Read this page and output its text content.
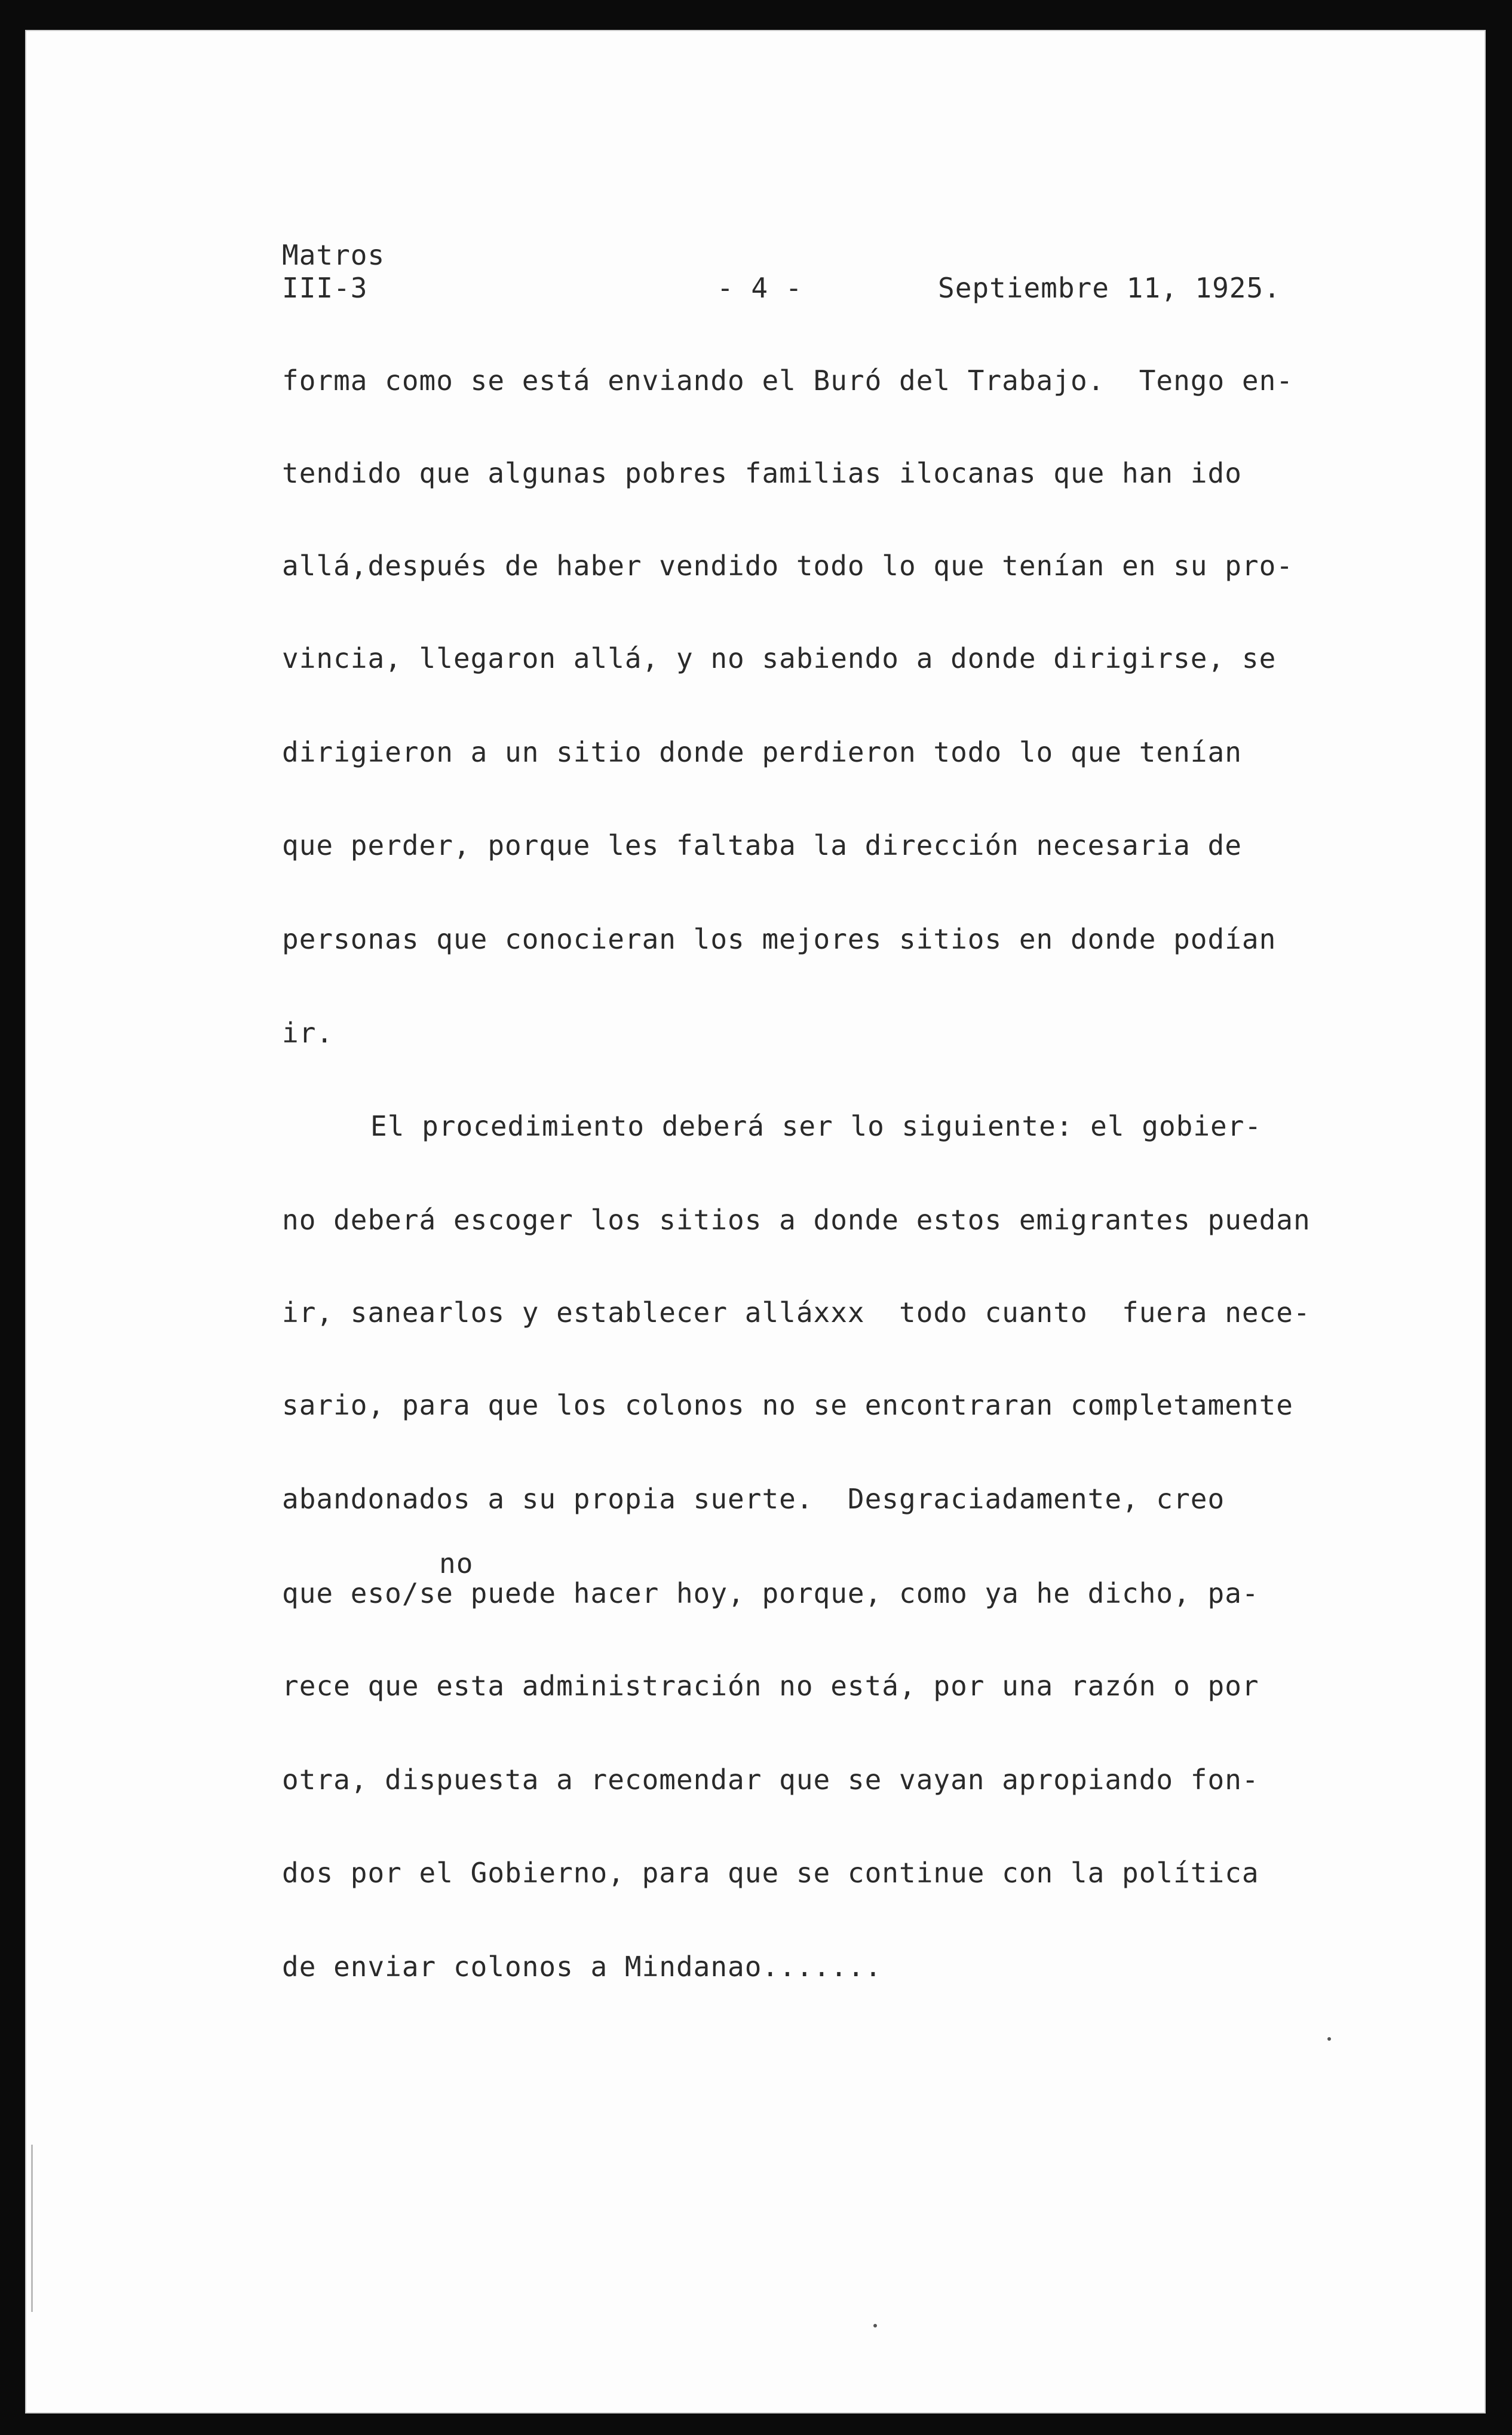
Matros
III-3	- 4 -	Septiembre 11, 1925.
forma como se está enviando el Buró del Trabajo.  Tengo en-
tendido que algunas pobres familias ilocanas que han ido
allá,después de haber vendido todo lo que tenían en su pro-
vincia, llegaron allá, y no sabiendo a donde dirigirse, se
dirigieron a un sitio donde perdieron todo lo que tenían
que perder, porque les faltaba la dirección necesaria de
personas que conocieran los mejores sitios en donde podían
ir.
El procedimiento deberá ser lo siguiente: el gobier-
no deberá escoger los sitios a donde estos emigrantes puedan
ir, sanearlos y establecer alláxxx  todo cuanto  fuera nece-
sario, para que los colonos no se encontraran completamente
abandonados a su propia suerte.  Desgraciadamente, creo
no
que eso/se puede hacer hoy, porque, como ya he dicho, pa-
rece que esta administración no está, por una razón o por
otra, dispuesta a recomendar que se vayan apropiando fon-
dos por el Gobierno, para que se continue con la política
de enviar colonos a Mindanao.......
